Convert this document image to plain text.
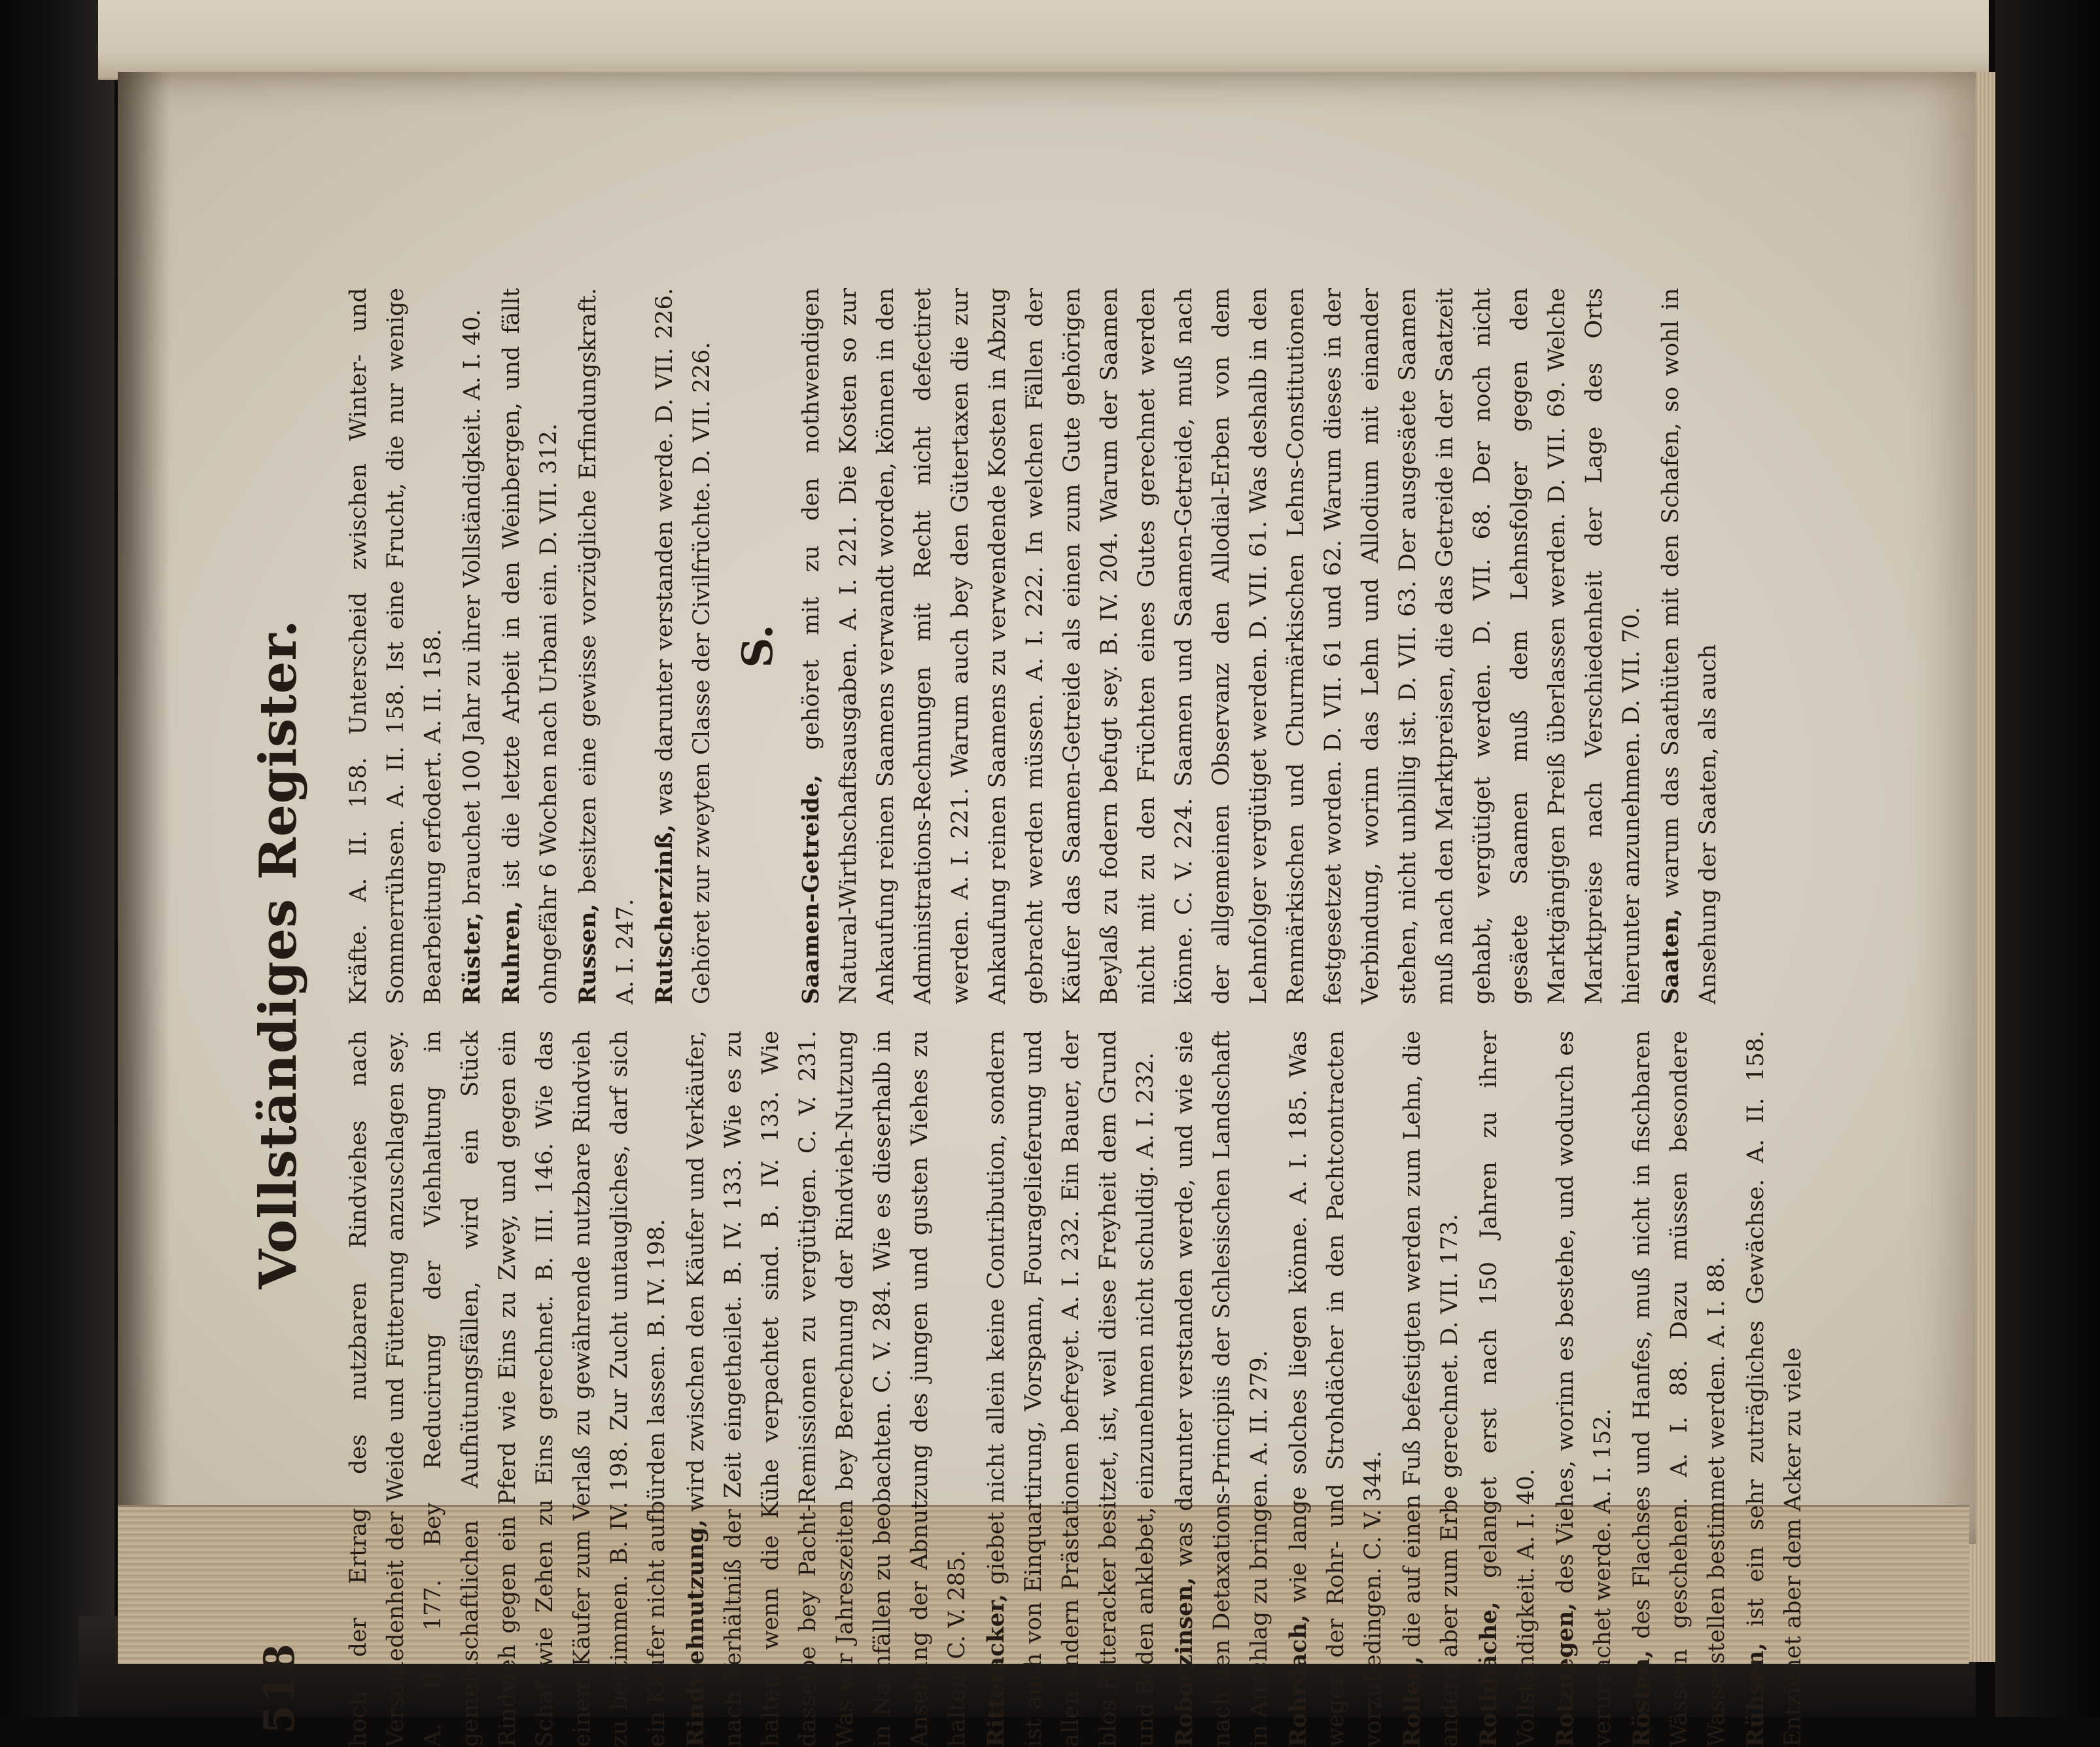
518
Vollständiges Register.

hoch der Ertrag des nutzbaren Rindviehes nach Verschiedenheit der Weide und Fütterung anzuschlagen sey. A. II. 177. Bey Reducirung der Viehhaltung in gemeinschaftlichen Aufhütungsfällen, wird ein Stück Rindvieh gegen ein Pferd wie Eins zu Zwey, und gegen ein Schaf wie Zehen zu Eins gerechnet. B. III. 146. Wie das einem Käufer zum Verlaß zu gewährende nutzbare Rindvieh zu bestimmen. B. IV. 198. Zur Zucht untaugliches, darf sich ein Käufer nicht aufbürden lassen. B. IV. 198. Rindviehnutzung, wird zwischen den Käufer und Verkäufer, nach Verhältniß der Zeit eingetheilet. B. IV. 133. Wie es zu halten, wenn die Kühe verpachtet sind. B. IV. 133. Wie dasselbe bey Pacht-Remissionen zu vergütigen. C. V. 231. Was vor Jahreszeiten bey Berechnung der Rindvieh-Nutzung in Nachfällen zu beobachten. C. V. 284. Wie es dieserhalb in Ansehung der Abnutzung des jungen und gusten Viehes zu halten. C. V. 285. Ritteracker, giebet nicht allein keine Contribution, sondern ist auch von Einquartirung, Vorspann, Fouragelieferung und allen andern Prästationen befreyet. A. I. 232. Ein Bauer, der blos Ritteracker besitzet, ist, weil diese Freyheit dem Grund und Boden anklebet, einzunehmen nicht schuldig. A. I. 232. Roboczinsen, was darunter verstanden werde, und wie sie nach den Detaxations-Principiis der Schlesischen Landschaft in Anschlag zu bringen. A. II. 279. Rohrdach, wie lange solches liegen könne. A. I. 185. Was wegen der Rohr- und Strohdächer in den Pachtcontracten vorzubedingen. C. V. 344. Rollen, die auf einen Fuß befestigten werden zum Lehn, die andern aber zum Erbe gerechnet. D. VII. 173. Rothbäche, gelanget erst nach 150 Jahren zu ihrer Vollständigkeit. A. I. 40. Rotznegen, des Viehes, worinn es bestehe, und wodurch es verursachet werde. A. I. 152. Rösten, des Flachses und Hanfes, muß nicht in fischbaren Wässern geschehen. A. I. 88. Dazu müssen besondere Wasserstellen bestimmet werden. A. I. 88. Rühsen, ist ein sehr zuträgliches Gewächse. A. II. 158. Entziehet aber dem Acker zu viele

Kräfte. A. II. 158. Unterscheid zwischen Winter- und Sommerrühsen. A. II. 158. Ist eine Frucht, die nur wenige Bearbeitung erfodert. A. II. 158. Rüster, brauchet 100 Jahr zu ihrer Vollständigkeit. A. I. 40.

Ruhren, ist die letzte Arbeit in den Weinbergen, und fällt ohngefähr 6 Wochen nach Urbani ein. D. VII. 312. Russen, besitzen eine gewisse vorzügliche Erfindungskraft. A. I. 247. Rutscherzinß, was darunter verstanden werde. D. VII. 226. Gehöret zur zweyten Classe der Civilfrüchte. D. VII. 226. S.

Saamen-Getreide, gehöret mit zu den nothwendigen Natural-Wirthschaftsausgaben. A. I. 221. Die Kosten so zur Ankaufung reinen Saamens verwandt worden, können in den Administrations-Rechnungen mit Recht nicht defectiret werden. A. I. 221. Warum auch bey den Gütertaxen die zur Ankaufung reinen Saamens zu verwendende Kosten in Abzug gebracht werden müssen. A. I. 222. In welchen Fällen der Käufer das Saamen-Getreide als einen zum Gute gehörigen Beylaß zu fodern befugt sey. B. IV. 204. Warum der Saamen nicht mit zu den Früchten eines Gutes gerechnet werden könne. C. V. 224. Saamen und Saamen-Getreide, muß nach der allgemeinen Observanz den Allodial-Erben von dem Lehnfolger vergütiget werden. D. VII. 61. Was deshalb in den Renmärkischen und Churmärkischen Lehns-Constitutionen festgesetzet worden. D. VII. 61 und 62. Warum dieses in der Verbindung, worinn das Lehn und Allodium mit einander stehen, nicht unbillig ist. D. VII. 63. Der ausgesäete Saamen muß nach den Marktpreisen, die das Getreide in der Saatzeit gehabt, vergütiget werden. D. VII. 68. Der noch nicht gesäete Saamen muß dem Lehnsfolger gegen den Marktgängigen Preiß überlassen werden. D. VII. 69. Welche Marktpreise nach Verschiedenheit der Lage des Orts hierunter anzunehmen. D. VII. 70. Saaten, warum das Saathüten mit den Schafen, so wohl in Ansehung der Saaten, als auch
